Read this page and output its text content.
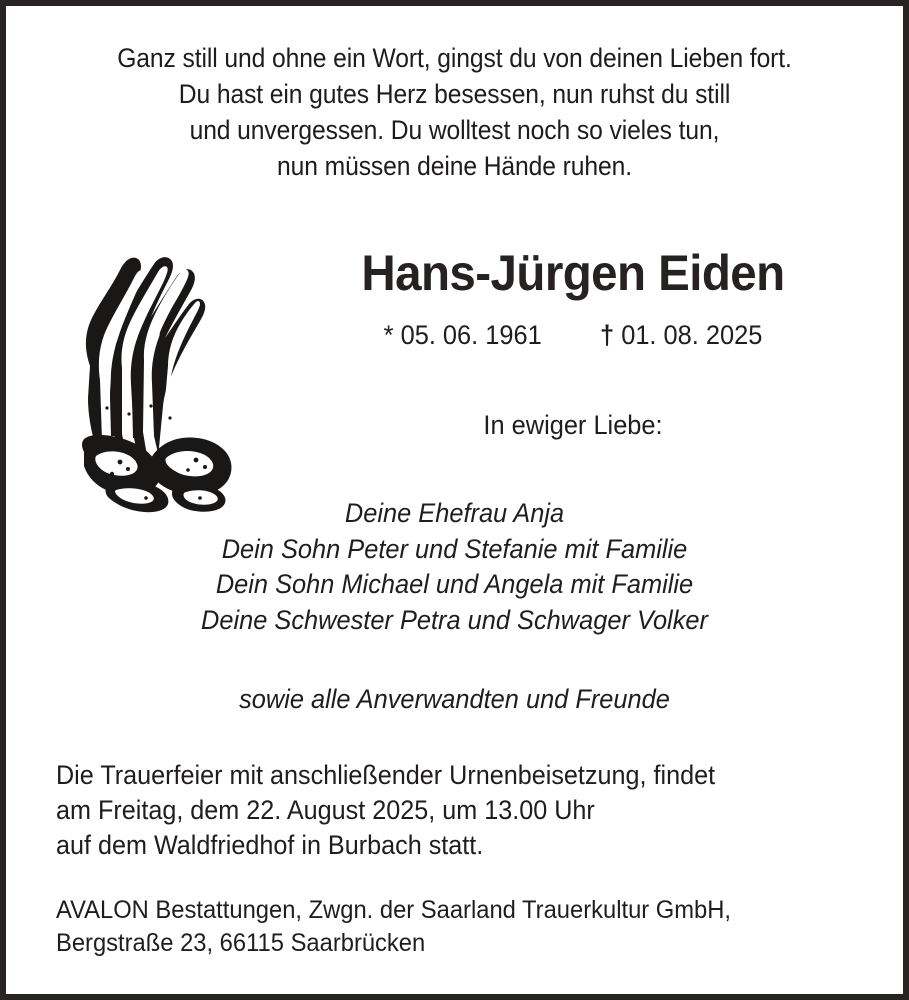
Ganz still und ohne ein Wort, gingst du von deinen Lieben fort.
Du hast ein gutes Herz besessen, nun ruhst du still
und unvergessen. Du wolltest noch so vieles tun,
nun müssen deine Hände ruhen.
Hans-Jürgen Eiden
* 05. 06. 1961 † 01. 08. 2025
In ewiger Liebe:
Deine Ehefrau Anja
Dein Sohn Peter und Stefanie mit Familie
Dein Sohn Michael und Angela mit Familie
Deine Schwester Petra und Schwager Volker
sowie alle Anverwandten und Freunde
Die Trauerfeier mit anschließender Urnenbeisetzung, findet
am Freitag, dem 22. August 2025, um 13.00 Uhr
auf dem Waldfriedhof in Burbach statt.
AVALON Bestattungen, Zwgn. der Saarland Trauerkultur GmbH,
Bergstraße 23, 66115 Saarbrücken
